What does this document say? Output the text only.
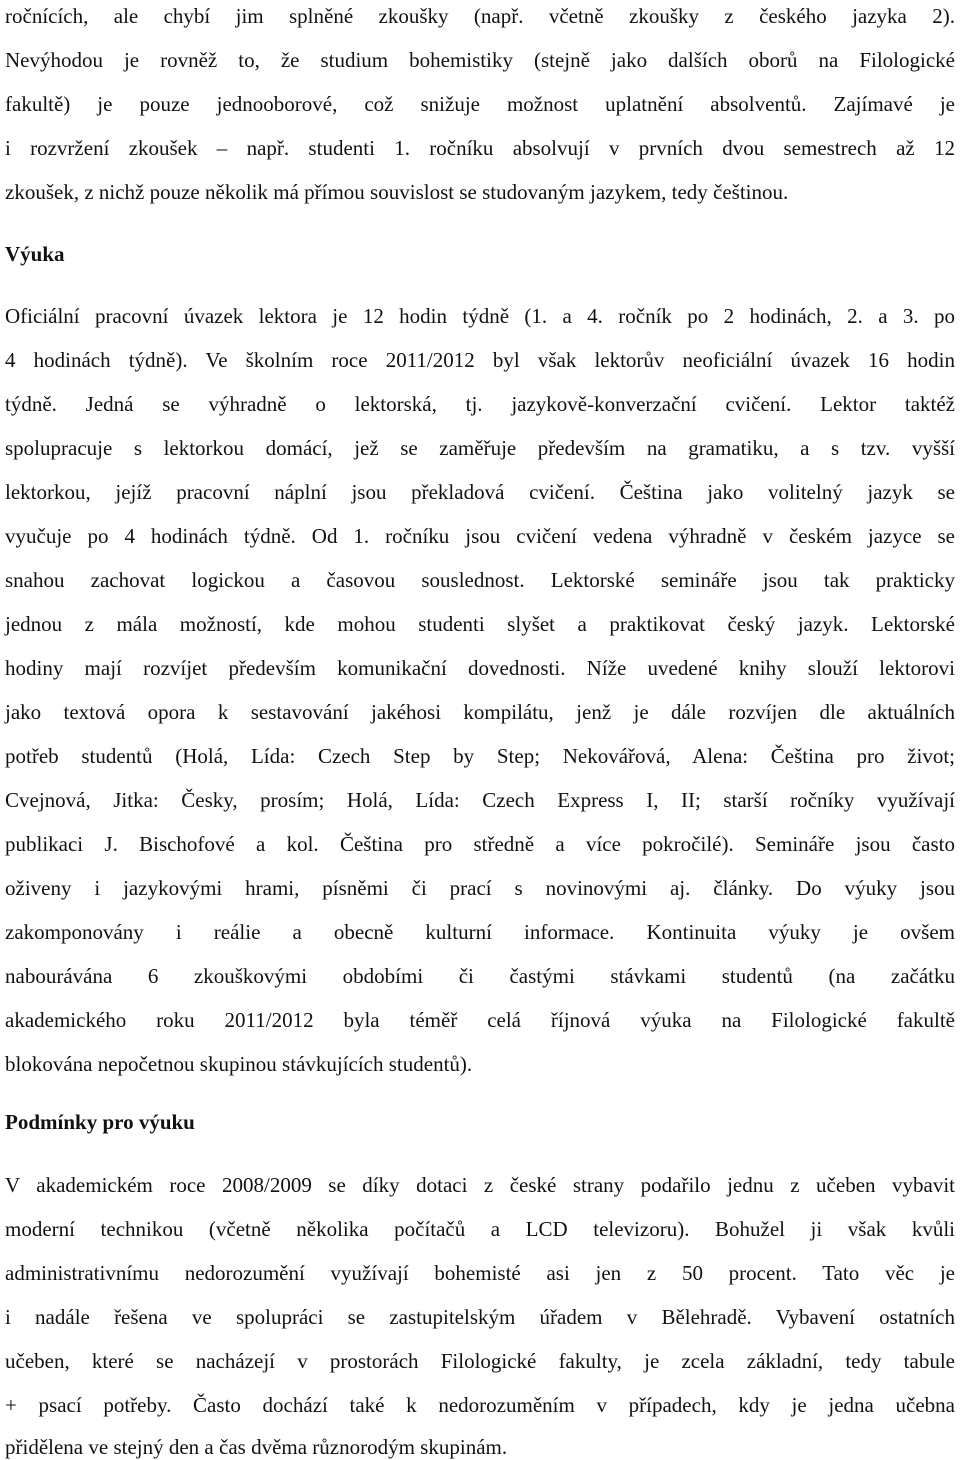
ročnících, ale chybí jim splněné zkoušky (např. včetně zkoušky z českého jazyka 2).
Nevýhodou je rovněž to, že studium bohemistiky (stejně jako dalších oborů na Filologické
fakultě) je pouze jednooborové, což snižuje možnost uplatnění absolventů. Zajímavé je
i rozvržení zkoušek – např. studenti 1. ročníku absolvují v prvních dvou semestrech až 12
zkoušek, z nichž pouze několik má přímou souvislost se studovaným jazykem, tedy češtinou.
Výuka
Oficiální pracovní úvazek lektora je 12 hodin týdně (1. a 4. ročník po 2 hodinách, 2. a 3. po
4 hodinách týdně). Ve školním roce 2011/2012 byl však lektorův neoficiální úvazek 16 hodin
týdně. Jedná se výhradně o lektorská, tj. jazykově-konverzační cvičení. Lektor taktéž
spolupracuje s lektorkou domácí, jež se zaměřuje především na gramatiku, a s tzv. vyšší
lektorkou, jejíž pracovní náplní jsou překladová cvičení. Čeština jako volitelný jazyk se
vyučuje po 4 hodinách týdně. Od 1. ročníku jsou cvičení vedena výhradně v českém jazyce se
snahou zachovat logickou a časovou souslednost. Lektorské semináře jsou tak prakticky
jednou z mála možností, kde mohou studenti slyšet a praktikovat český jazyk. Lektorské
hodiny mají rozvíjet především komunikační dovednosti. Níže uvedené knihy slouží lektorovi
jako textová opora k sestavování jakéhosi kompilátu, jenž je dále rozvíjen dle aktuálních
potřeb studentů (Holá, Lída: Czech Step by Step; Nekovářová, Alena: Čeština pro život;
Cvejnová, Jitka: Česky, prosím; Holá, Lída: Czech Express I, II; starší ročníky využívají
publikaci J. Bischofové a kol. Čeština pro středně a více pokročilé). Semináře jsou často
oživeny i jazykovými hrami, písněmi či prací s novinovými aj. články. Do výuky jsou
zakomponovány i reálie a obecně kulturní informace. Kontinuita výuky je ovšem
nabourávána 6 zkouškovými obdobími či častými stávkami studentů (na začátku
akademického roku 2011/2012 byla téměř celá říjnová výuka na Filologické fakultě
blokována nepočetnou skupinou stávkujících studentů).
Podmínky pro výuku
V akademickém roce 2008/2009 se díky dotaci z české strany podařilo jednu z učeben vybavit
moderní technikou (včetně několika počítačů a LCD televizoru). Bohužel ji však kvůli
administrativnímu nedorozumění využívají bohemisté asi jen z 50 procent. Tato věc je
i nadále řešena ve spolupráci se zastupitelským úřadem v Bělehradě. Vybavení ostatních
učeben, které se nacházejí v prostorách Filologické fakulty, je zcela základní, tedy tabule
+ psací potřeby. Často dochází také k nedorozuměním v případech, kdy je jedna učebna
přidělena ve stejný den a čas dvěma různorodým skupinám.
